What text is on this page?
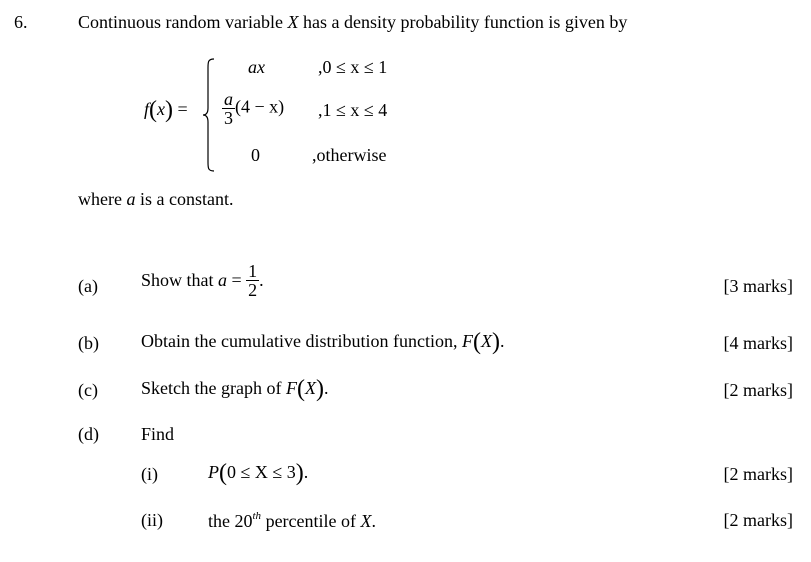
6.	Continuous random variable X has a density probability function is given by
f(x) =
ax	,0 ≤ x ≤ 1
$\frac{a}{3} (4 - x) ,1 \le x \le 4$
0	,otherwise
where a is a constant.
(a) Show that $a = \frac{1}{2}$ .	[3 marks]
(b) Obtain the cumulative distribution function, F(X).	[4 marks]
(c) Sketch the graph of F(X).	[2 marks]
(d) Find
(i)	P(0 ≤ X ≤ 3).	[2 marks]
(ii)	the 20th percentile of X.	[2 marks]
